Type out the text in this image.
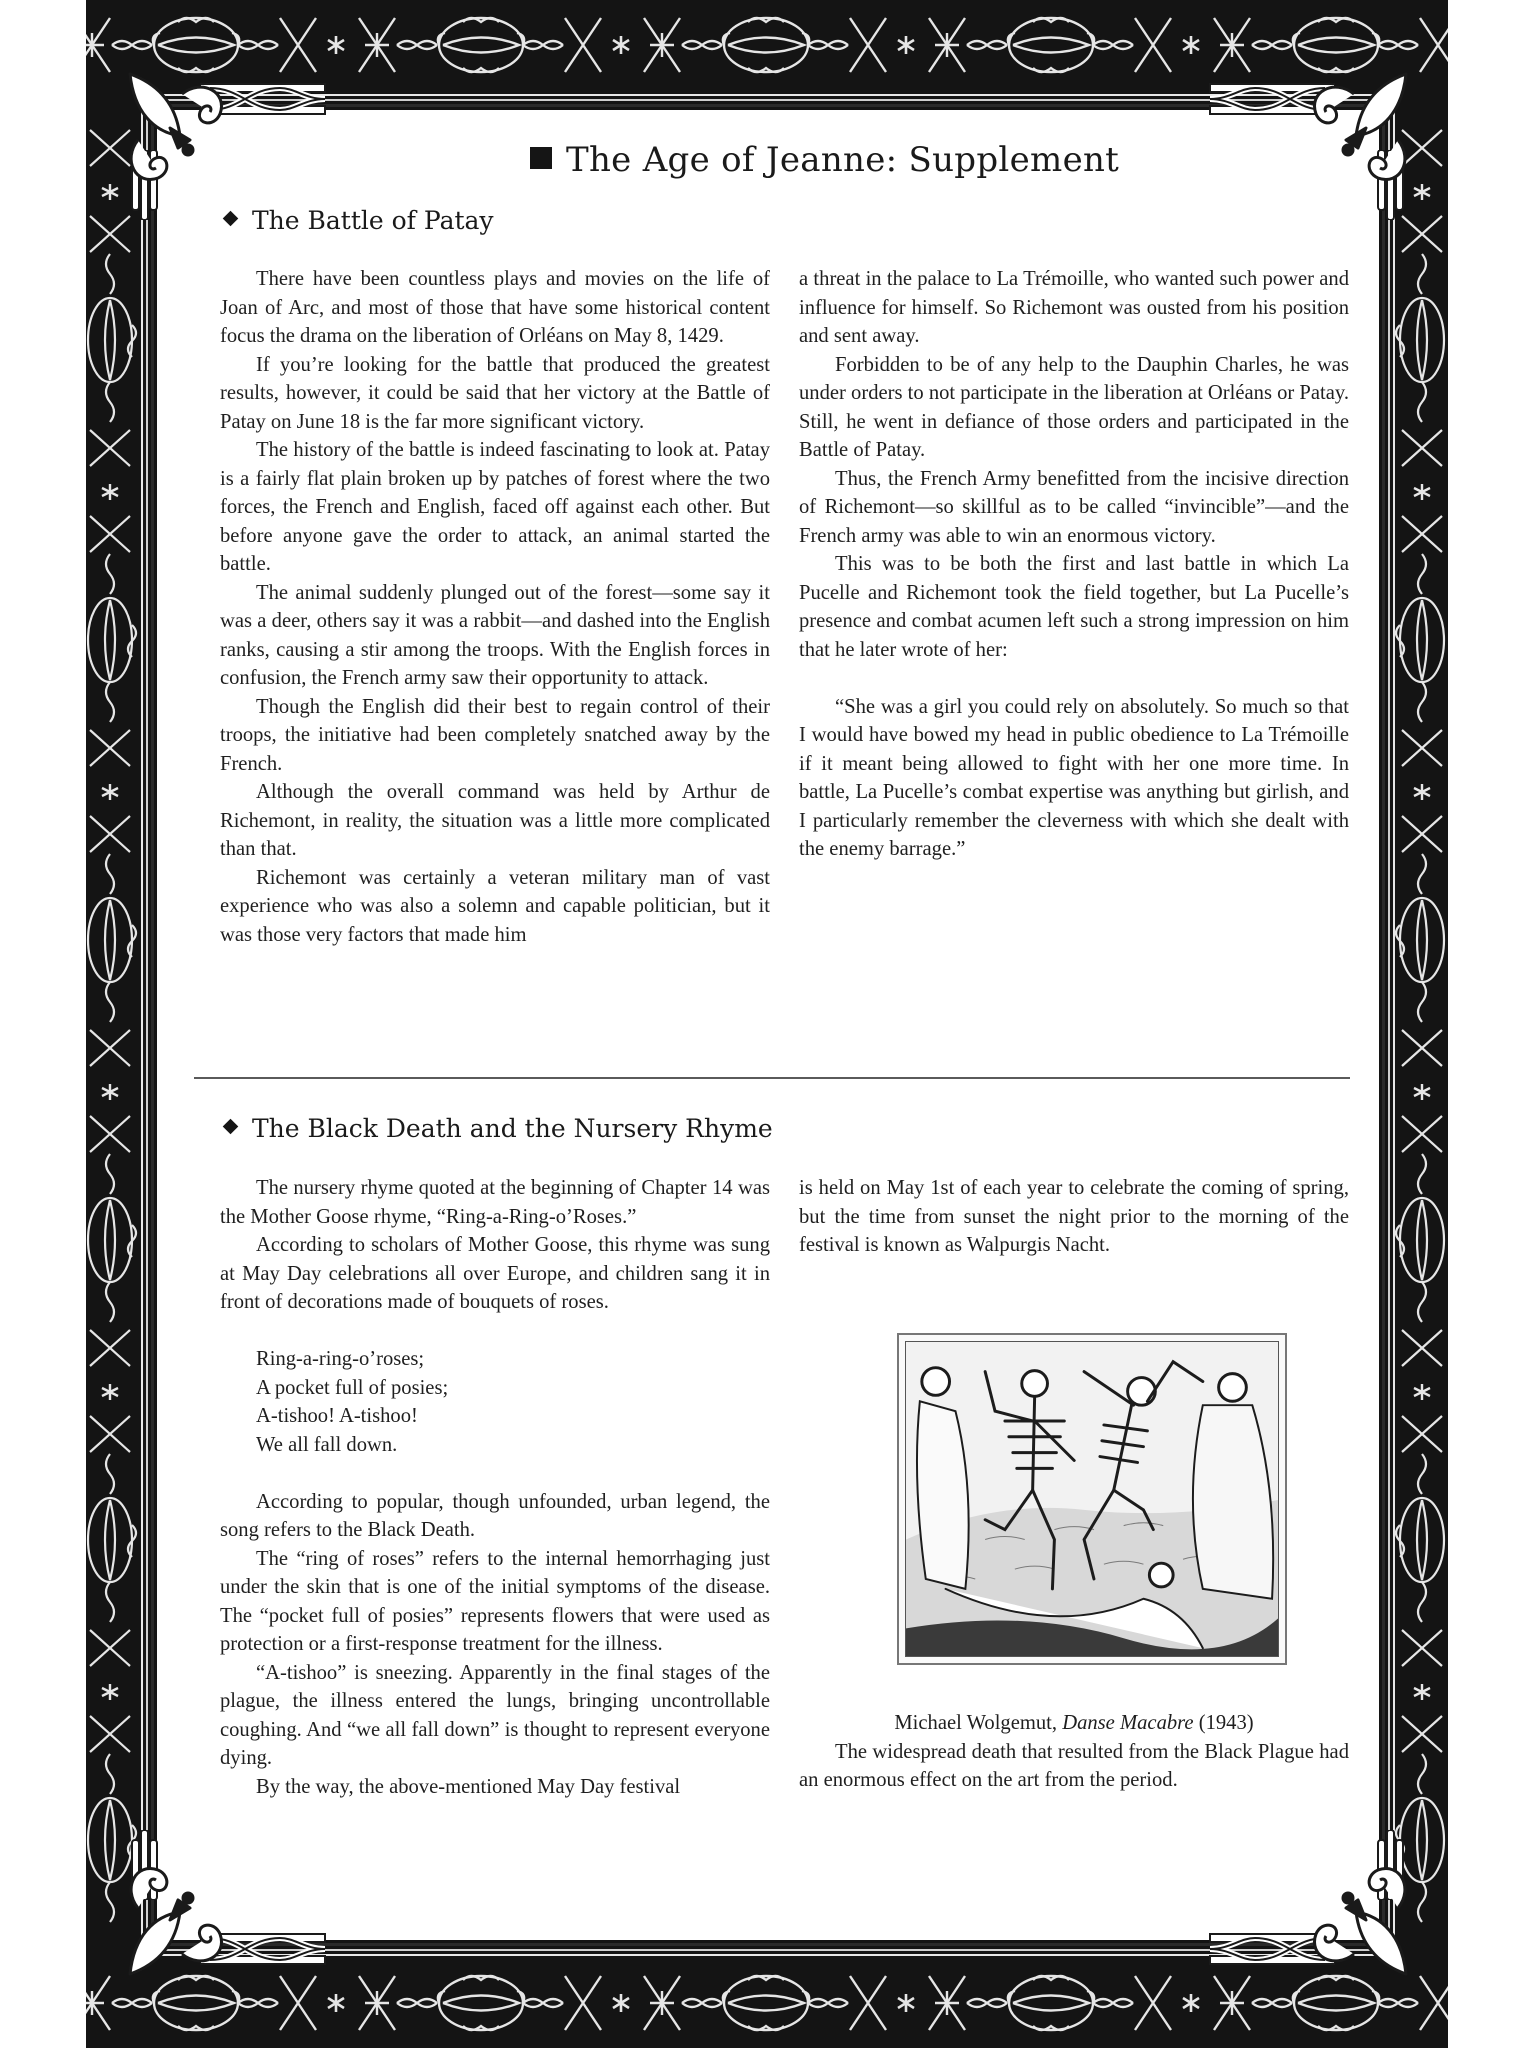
The Age of Jeanne: Supplement
The Battle of Patay

There have been countless plays and movies on the life of Joan of Arc, and most of those that have some historical content focus the drama on the liberation of Orléans on May 8, 1429.

If you’re looking for the battle that produced the greatest results, however, it could be said that her victory at the Battle of Patay on June 18 is the far more significant victory.

The history of the battle is indeed fascinating to look at. Patay is a fairly flat plain broken up by patches of forest where the two forces, the French and English, faced off against each other. But before anyone gave the order to attack, an animal started the battle.

The animal suddenly plunged out of the forest—some say it was a deer, others say it was a rabbit—and dashed into the English ranks, causing a stir among the troops. With the English forces in confusion, the French army saw their opportunity to attack.

Though the English did their best to regain control of their troops, the initiative had been completely snatched away by the French.

Although the overall command was held by Arthur de Richemont, in reality, the situation was a little more complicated than that.

Richemont was certainly a veteran military man of vast experience who was also a solemn and capable politician, but it was those very factors that made him

a threat in the palace to La Trémoille, who wanted such power and influence for himself. So Richemont was ousted from his position and sent away.

Forbidden to be of any help to the Dauphin Charles, he was under orders to not participate in the liberation at Orléans or Patay. Still, he went in defiance of those orders and participated in the Battle of Patay.

Thus, the French Army benefitted from the incisive direction of Richemont—so skillful as to be called “invincible”—and the French army was able to win an enormous victory.

This was to be both the first and last battle in which La Pucelle and Richemont took the field together, but La Pucelle’s presence and combat acumen left such a strong impression on him that he later wrote of her:

“She was a girl you could rely on absolutely. So much so that I would have bowed my head in public obedience to La Trémoille if it meant being allowed to fight with her one more time. In battle, La Pucelle’s combat expertise was anything but girlish, and I particularly remember the cleverness with which she dealt with the enemy barrage.”

The Black Death and the Nursery Rhyme

The nursery rhyme quoted at the beginning of Chapter 14 was the Mother Goose rhyme, “Ring-a-Ring-o’Roses.”

According to scholars of Mother Goose, this rhyme was sung at May Day celebrations all over Europe, and children sang it in front of decorations made of bouquets of roses.

Ring-a-ring-o’roses;
A pocket full of posies;
A-tishoo! A-tishoo!
We all fall down.

According to popular, though unfounded, urban legend, the song refers to the Black Death.

The “ring of roses” refers to the internal hemorrhaging just under the skin that is one of the initial symptoms of the disease. The “pocket full of posies” represents flowers that were used as protection or a first-response treatment for the illness.

“A-tishoo” is sneezing. Apparently in the final stages of the plague, the illness entered the lungs, bringing uncontrollable coughing. And “we all fall down” is thought to represent everyone dying.

By the way, the above-mentioned May Day festival

is held on May 1st of each year to celebrate the coming of spring, but the time from sunset the night prior to the morning of the festival is known as Walpurgis Nacht.

Michael Wolgemut, Danse Macabre (1943)

The widespread death that resulted from the Black Plague had an enormous effect on the art from the period.
